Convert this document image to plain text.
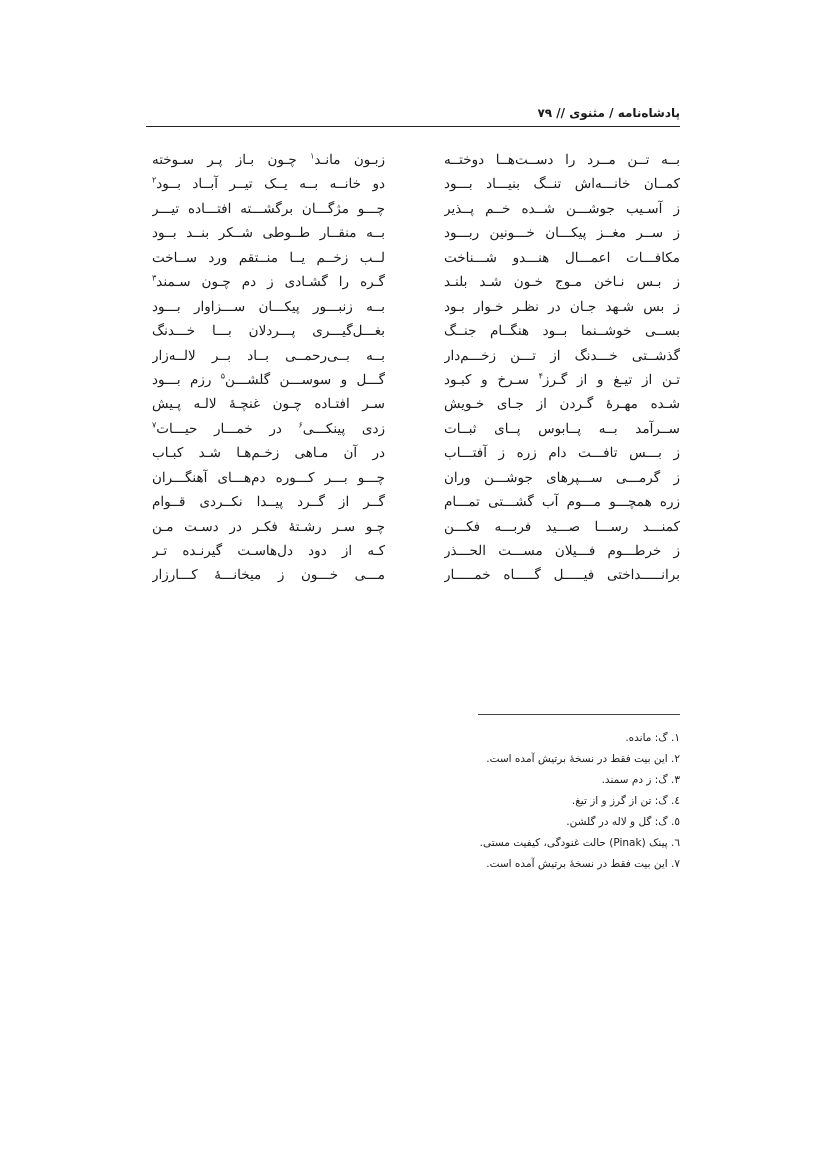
پادشاه‌نامه / مثنوی // ۷۹
بــه تــن مــرد را دســت‌هــا دوختــه
کمــان خانـــه‌اش تنــگ بنیـــاد بـــود
ز آسـیب جوشـــن شــده خــم پــذیر
ز ســر مغــز پیکـــان خـــونین ربـــود
مکافـــات اعمـــال هنـــدو شـــناخت
ز بـس نـاخن مـوج خـون شـد بلنـد
ز بس شـهد جـان در نظـر خـوار بـود
بســی خوشــنما بــود هنگــام جنــگ
گذشــتی خـــدنگ از تـــن زخـــم‌دار
تـن از تیـغ و از گـرز$^۴$ سـرخ و کبـود
شـده مهـرهٔ گـردن از جـای خـویش
ســرآمد بــه پــابوس پــای ثبــات
ز بـــس تافـــت دام زره ز آفتـــاب
ز گرمـــی ســـپرهای جوشـــن وران
زره همچـــو مـــوم آب گشـــتی تمـــام
کمنـــد رســـا صـــید فربـــه فکـــن
ز خرطـــوم فـــیلان مســـت الحـــذر
برانـــــداختی فیـــــل گـــــاه خمـــــار
زبـون مانـد$^۱$ چـون بـاز پـر سـوخته
دو خانــه بــه یــک تیــر آبــاد بــود$^۲$
چـــو مژگـــان برگشـــته افتـــاده تیـــر
بــه منقــار طــوطی شــکر بنــد بــود
لــب زخــم یــا منــتقم ورد ســاخت
گـره را گشـادی ز دم چـون سـمند$^۳$
بــه زنبـــور پیکـــان ســـزاوار بـــود
بغـــل‌گیـــری پـــردلان بـــا خـــدنگ
بــه بــی‌رحمــی بــاد بــر لالــه‌زار
گـــل و سوســـن گلشـــن$^۵$ رزم بـــود
سـر افتـاده چـون غنچـهٔ لالـه پـیش
زدی پینکـــی$^۶$ در خمـــار حیـــات$^۷$
در آن مـاهی زخـم‌هـا شـد کبـاب
چـــو بـــر کـــوره دم‌هـــای آهنگـــران
گــر از گــرد پیــدا نکــردی قــوام
چـو سـر رشـتهٔ فکـر در دسـت مـن
کـه از دود دل‌هاسـت گیرنـده تـر
مـــی خـــون ز میخانـــهٔ کـــارزار
۱. گ: مانده.
۲. این بیت فقط در نسخهٔ برتیش آمده است.
۳. گ: ز دم سمند.
٤. گ: تن از گرز و از تیغ.
٥. گ: گل و لاله در گلشن.
٦. پینک (Pinak) حالت غنودگی، کیفیت مستی.
۷. این بیت فقط در نسخهٔ برتیش آمده است.
